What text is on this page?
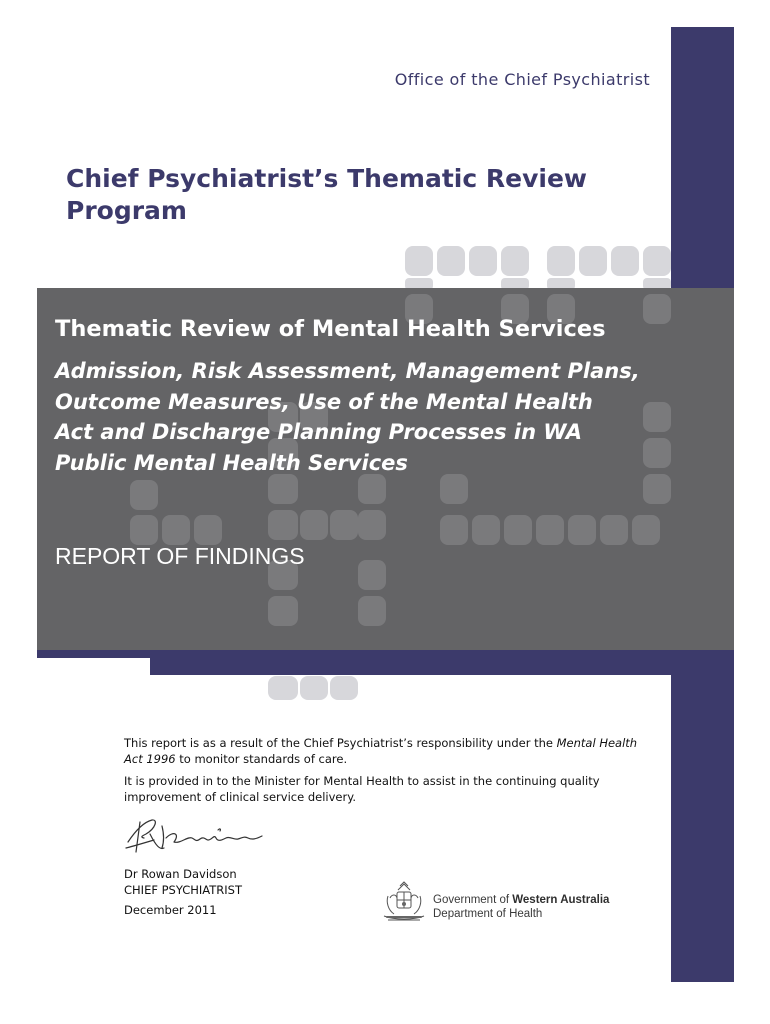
Office of the Chief Psychiatrist
Chief Psychiatrist’s Thematic Review Program
Thematic Review of Mental Health Services
Admission, Risk Assessment, Management Plans,
Outcome Measures, Use of the Mental Health
Act and Discharge Planning Processes in WA
Public Mental Health Services
REPORT OF FINDINGS

This report is as a result of the Chief Psychiatrist’s responsibility under the Mental Health Act 1996 to monitor standards of care.

It is provided in to the Minister for Mental Health to assist in the continuing quality improvement of clinical service delivery.

Dr Rowan Davidson
CHIEF PSYCHIATRIST
December 2011
Government of Western Australia
Department of Health
